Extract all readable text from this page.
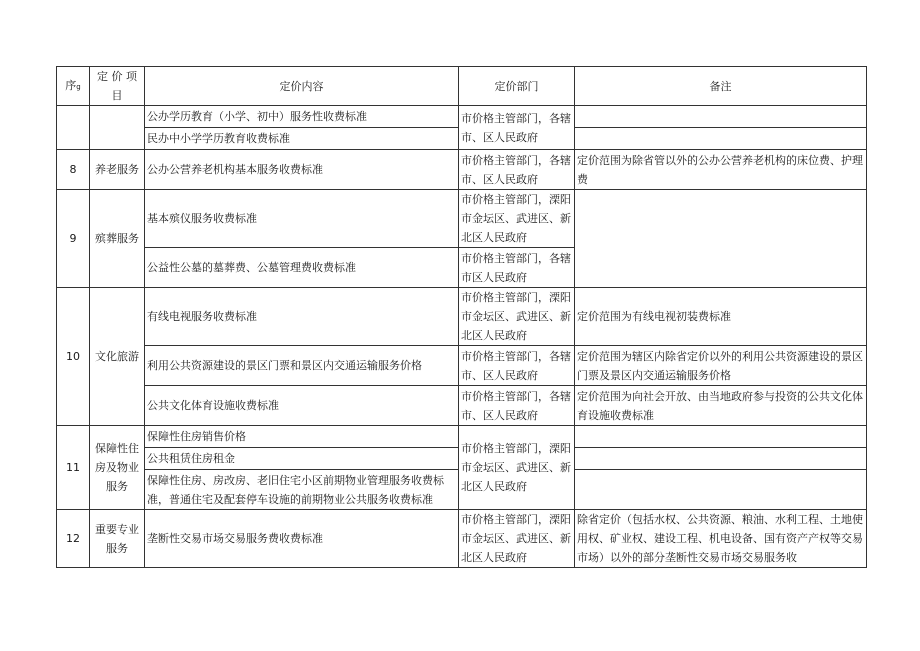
序g	定 价 项 目	定价内容	定价部门	备注
		公办学历教育（小学、初中）服务性收费标准	市价格主管部门，各辖市、区人民政府	
		民办中小学学历教育收费标准		
8	养老服务	公办公营养老机构基本服务收费标准	市价格主管部门，各辖市、区人民政府	定价范围为除省管以外的公办公营养老机构的床位费、护理费
9	殡葬服务	基本殡仪服务收费标准	市价格主管部门，溧阳市金坛区、武进区、新北区人民政府	
		公益性公墓的墓葬费、公墓管理费收费标准	市价格主管部门，各辖市区人民政府	
10	文化旅游	有线电视服务收费标准	市价格主管部门，溧阳市金坛区、武进区、新北区人民政府	定价范围为有线电视初装费标准
		利用公共资源建设的景区门票和景区内交通运输服务价格	市价格主管部门，各辖市、区人民政府	定价范围为辖区内除省定价以外的利用公共资源建设的景区门票及景区内交通运输服务价格
		公共文化体育设施收费标准	市价格主管部门，各辖市、区人民政府	定价范围为向社会开放、由当地政府参与投资的公共文化体育设施收费标准
11	保障性住房及物业服务	保障性住房销售价格	市价格主管部门，溧阳市金坛区、武进区、新北区人民政府	
		公共租赁住房租金		
		保障性住房、房改房、老旧住宅小区前期物业管理服务收费标准，普通住宅及配套停车设施的前期物业公共服务收费标准		
12	重要专业服务	垄断性交易市场交易服务费收费标准	市价格主管部门，溧阳市金坛区、武进区、新北区人民政府	除省定价（包括水权、公共资源、粮油、水利工程、土地使用权、矿业权、建设工程、机电设备、国有资产产权等交易市场）以外的部分垄断性交易市场交易服务收
